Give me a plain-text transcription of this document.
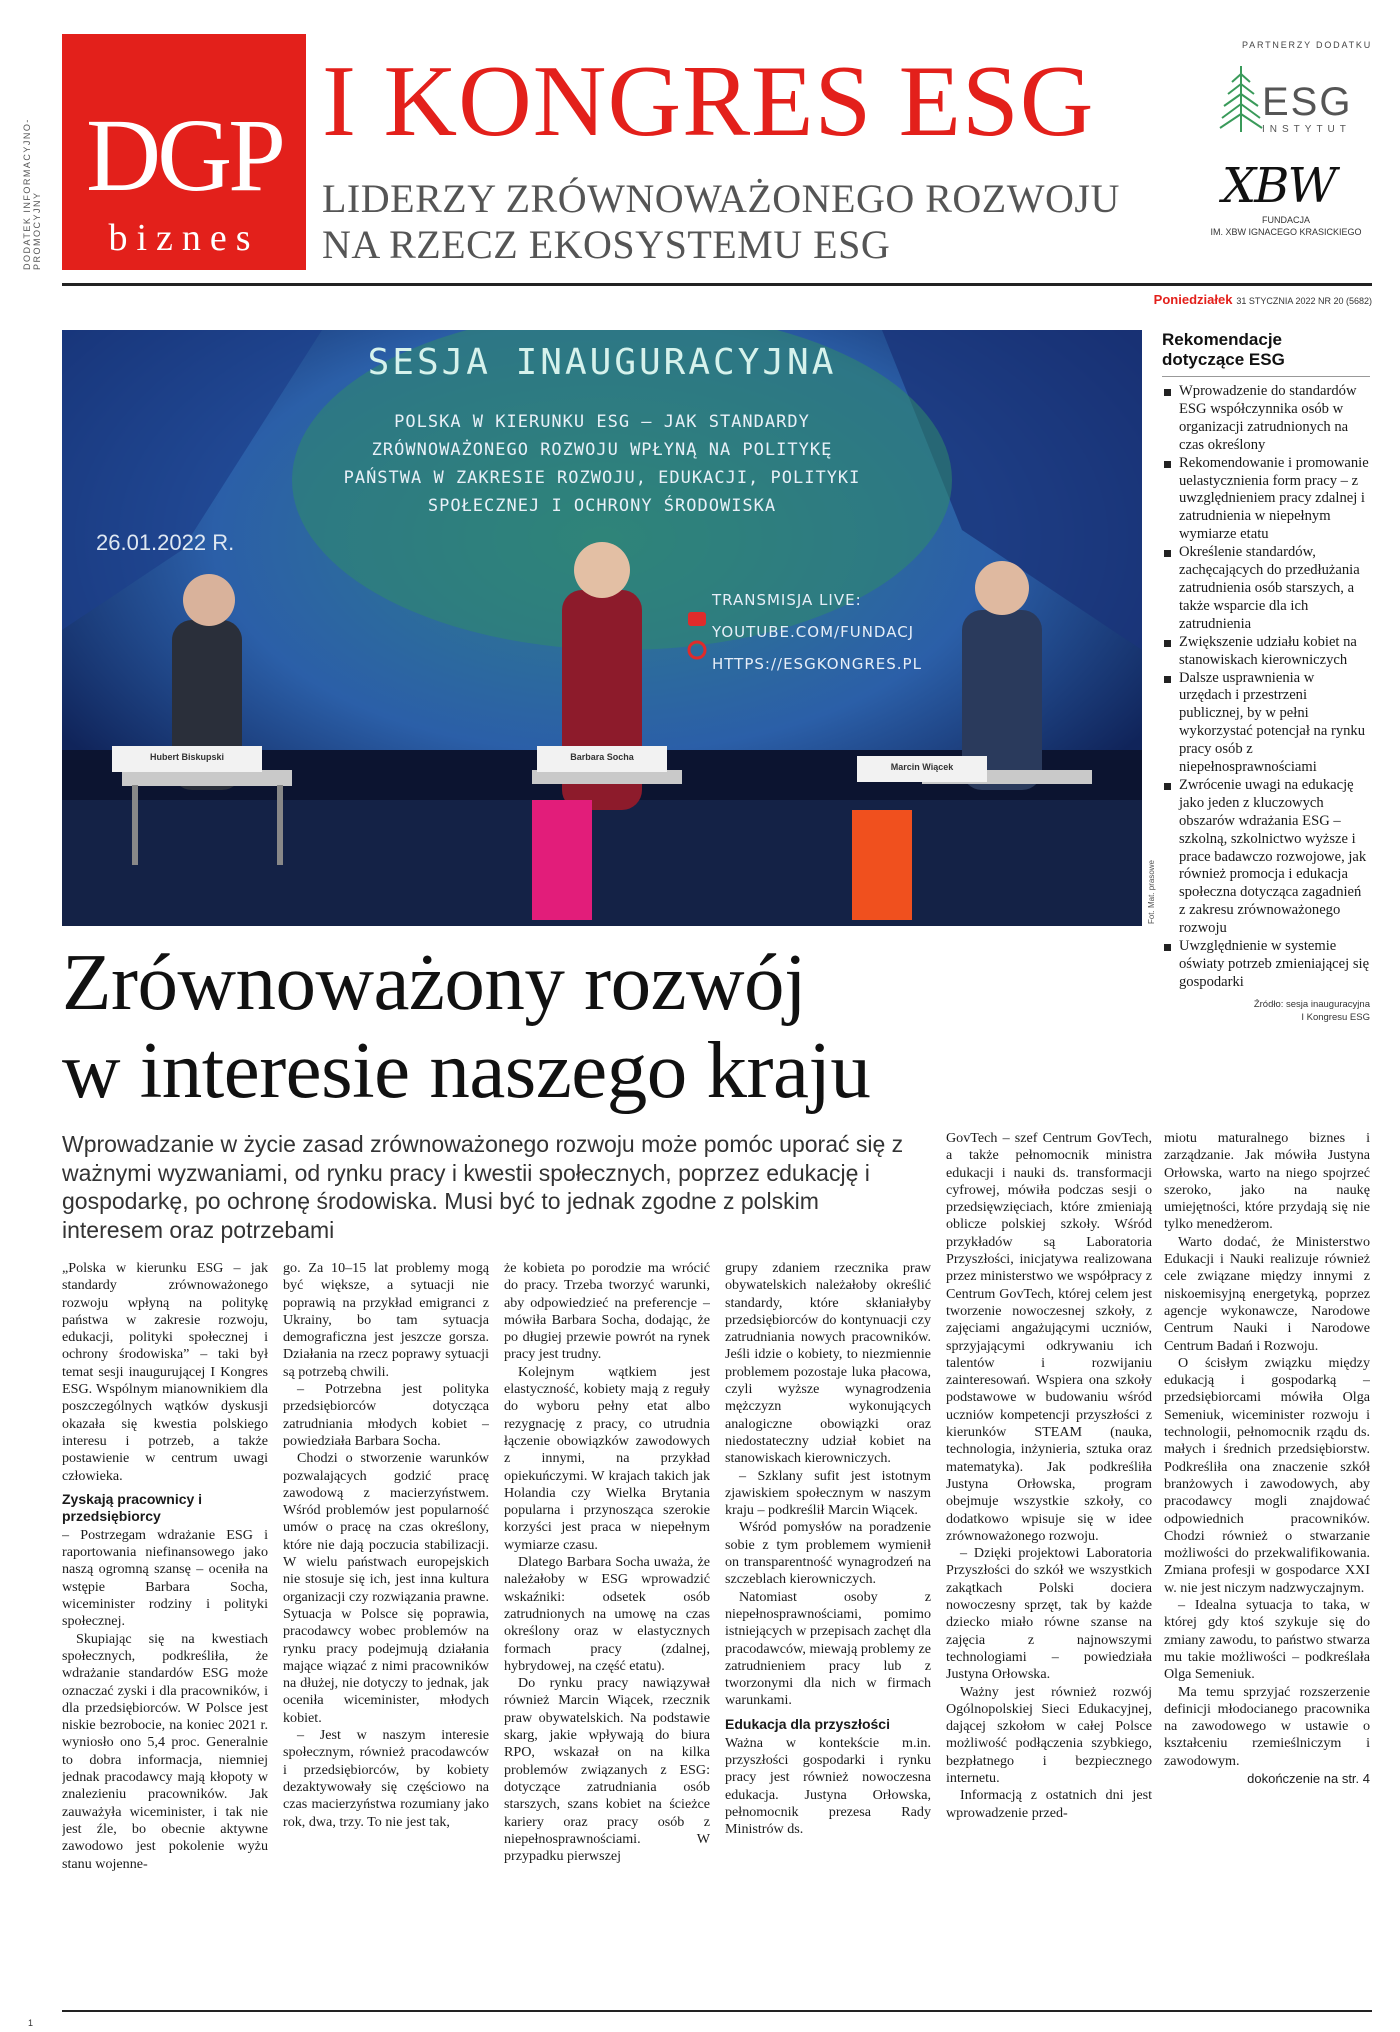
DODATEK INFORMACYJNO-PROMOCYJNY
DGP
biznes
I KONGRES ESG
LIDERZY ZRÓWNOWAŻONEGO ROZWOJU
NA RZECZ EKOSYSTEMU ESG
PARTNERZY DODATKU
ESG
INSTYTUT
XBW
FUNDACJA
IM. XBW IGNACEGO KRASICKIEGO
Poniedziałek 31 STYCZNIA 2022 NR 20 (5682)
SESJA INAUGURACYJNA
POLSKA W KIERUNKU ESG – JAK STANDARDY
ZRÓWNOWAŻONEGO ROZWOJU WPŁYNĄ NA POLITYKĘ
PAŃSTWA W ZAKRESIE ROZWOJU, EDUKACJI, POLITYKI
SPOŁECZNEJ I OCHRONY ŚRODOWISKA
26.01.2022 R.
TRANSMISJA LIVE:
YOUTUBE.COM/FUNDACJ
HTTPS://ESGKONGRES.PL
Hubert Biskupski	Barbara Socha
Marcin Wiącek
Fot. Mat. prasowe
Rekomendacje
dotyczące ESG
Wprowadzenie do standardów ESG współczynnika osób w organizacji zatrudnionych na czas określony
Rekomendowanie i promowanie uelastycznienia form pracy – z uwzględnieniem pracy zdalnej i zatrudnienia w niepełnym wymiarze etatu
Określenie standardów, zachęcających do przedłużania zatrudnienia osób starszych, a także wsparcie dla ich zatrudnienia
Zwiększenie udziału kobiet na stanowiskach kierowniczych
Dalsze usprawnienia w urzędach i przestrzeni publicznej, by w pełni wykorzystać potencjał na rynku pracy osób z niepełnosprawnościami
Zwrócenie uwagi na edukację jako jeden z kluczowych obszarów wdrażania ESG – szkolną, szkolnictwo wyższe i prace badawczo rozwojowe, jak również promocja i edukacja społeczna dotycząca zagadnień z zakresu zrównoważonego rozwoju
Uwzględnienie w systemie oświaty potrzeb zmieniającej się gospodarki
Źródło: sesja inauguracyjna
I Kongresu ESG
Zrównoważony rozwój
w interesie naszego kraju
Wprowadzanie w życie zasad zrównoważonego rozwoju może pomóc uporać się z ważnymi wyzwaniami, od rynku pracy i kwestii społecznych, poprzez edukację i gospodarkę, po ochronę środowiska. Musi być to jednak zgodne z polskim interesem oraz potrzebami

„Polska w kierunku ESG – jak standardy zrównoważonego rozwoju wpłyną na politykę państwa w zakresie rozwoju, edukacji, polityki społecznej i ochrony środowiska” – taki był temat sesji inaugurującej I Kongres ESG. Wspólnym mianownikiem dla poszczególnych wątków dyskusji okazała się kwestia polskiego interesu i potrzeb, a także postawienie w centrum uwagi człowieka.

Zyskają pracownicy i przedsiębiorcy

– Postrzegam wdrażanie ESG i raportowania niefinansowego jako naszą ogromną szansę – oceniła na wstępie Barbara Socha, wiceminister rodziny i polityki społecznej.

Skupiając się na kwestiach społecznych, podkreśliła, że wdrażanie standardów ESG może oznaczać zyski i dla pracowników, i dla przedsiębiorców. W Polsce jest niskie bezrobocie, na koniec 2021 r. wyniosło ono 5,4 proc. Generalnie to dobra informacja, niemniej jednak pracodawcy mają kłopoty w znalezieniu pracowników. Jak zauważyła wiceminister, i tak nie jest źle, bo obecnie aktywne zawodowo jest pokolenie wyżu stanu wojenne-

go. Za 10–15 lat problemy mogą być większe, a sytuacji nie poprawią na przykład emigranci z Ukrainy, bo tam sytuacja demograficzna jest jeszcze gorsza. Działania na rzecz poprawy sytuacji są potrzebą chwili.

– Potrzebna jest polityka przedsiębiorców dotycząca zatrudniania młodych kobiet – powiedziała Barbara Socha.

Chodzi o stworzenie warunków pozwalających godzić pracę zawodową z macierzyństwem. Wśród problemów jest popularność umów o pracę na czas określony, które nie dają poczucia stabilizacji. W wielu państwach europejskich nie stosuje się ich, jest inna kultura organizacji czy rozwiązania prawne. Sytuacja w Polsce się poprawia, pracodawcy wobec problemów na rynku pracy podejmują działania mające wiązać z nimi pracowników na dłużej, nie dotyczy to jednak, jak oceniła wiceminister, młodych kobiet.

– Jest w naszym interesie społecznym, również pracodawców i przedsiębiorców, by kobiety dezaktywowały się częściowo na czas macierzyństwa rozumiany jako rok, dwa, trzy. To nie jest tak,

że kobieta po porodzie ma wrócić do pracy. Trzeba tworzyć warunki, aby odpowiedzieć na preferencje – mówiła Barbara Socha, dodając, że po długiej przewie powrót na rynek pracy jest trudny.

Kolejnym wątkiem jest elastyczność, kobiety mają z reguły do wyboru pełny etat albo rezygnację z pracy, co utrudnia łączenie obowiązków zawodowych z innymi, na przykład opiekuńczymi. W krajach takich jak Holandia czy Wielka Brytania popularna i przynosząca szerokie korzyści jest praca w niepełnym wymiarze czasu.

Dlatego Barbara Socha uważa, że należałoby w ESG wprowadzić wskaźniki: odsetek osób zatrudnionych na umowę na czas określony oraz w elastycznych formach pracy (zdalnej, hybrydowej, na część etatu).

Do rynku pracy nawiązywał również Marcin Wiącek, rzecznik praw obywatelskich. Na podstawie skarg, jakie wpływają do biura RPO, wskazał on na kilka problemów związanych z ESG: dotyczące zatrudniania osób starszych, szans kobiet na ścieżce kariery oraz pracy osób z niepełnosprawnościami. W przypadku pierwszej

grupy zdaniem rzecznika praw obywatelskich należałoby określić standardy, które skłaniałyby przedsiębiorców do kontynuacji czy zatrudniania nowych pracowników. Jeśli idzie o kobiety, to niezmiennie problemem pozostaje luka płacowa, czyli wyższe wynagrodzenia mężczyzn wykonujących analogiczne obowiązki oraz niedostateczny udział kobiet na stanowiskach kierowniczych.

– Szklany sufit jest istotnym zjawiskiem społecznym w naszym kraju – podkreślił Marcin Wiącek.

Wśród pomysłów na poradzenie sobie z tym problemem wymienił on transparentność wynagrodzeń na szczeblach kierowniczych.

Natomiast osoby z niepełnosprawnościami, pomimo istniejących w przepisach zachęt dla pracodawców, miewają problemy ze zatrudnieniem pracy lub z tworzonymi dla nich w firmach warunkami.

Edukacja dla przyszłości

Ważna w kontekście m.in. przyszłości gospodarki i rynku pracy jest również nowoczesna edukacja. Justyna Orłowska, pełnomocnik prezesa Rady Ministrów ds.

GovTech – szef Centrum GovTech, a także pełnomocnik ministra edukacji i nauki ds. transformacji cyfrowej, mówiła podczas sesji o przedsięwzięciach, które zmieniają oblicze polskiej szkoły. Wśród przykładów są Laboratoria Przyszłości, inicjatywa realizowana przez ministerstwo we współpracy z Centrum GovTech, której celem jest tworzenie nowoczesnej szkoły, z zajęciami angażującymi uczniów, sprzyjającymi odkrywaniu ich talentów i rozwijaniu zainteresowań. Wspiera ona szkoły podstawowe w budowaniu wśród uczniów kompetencji przyszłości z kierunków STEAM (nauka, technologia, inżynieria, sztuka oraz matematyka). Jak podkreśliła Justyna Orłowska, program obejmuje wszystkie szkoły, co dodatkowo wpisuje się w idee zrównoważonego rozwoju.

– Dzięki projektowi Laboratoria Przyszłości do szkół we wszystkich zakątkach Polski dociera nowoczesny sprzęt, tak by każde dziecko miało równe szanse na zajęcia z najnowszymi technologiami – powiedziała Justyna Orłowska.

Ważny jest również rozwój Ogólnopolskiej Sieci Edukacyjnej, dającej szkołom w całej Polsce możliwość podłączenia szybkiego, bezpłatnego i bezpiecznego internetu.

Informacją z ostatnich dni jest wprowadzenie przed-

miotu maturalnego biznes i zarządzanie. Jak mówiła Justyna Orłowska, warto na niego spojrzeć szeroko, jako na naukę umiejętności, które przydają się nie tylko menedżerom.

Warto dodać, że Ministerstwo Edukacji i Nauki realizuje również cele związane między innymi z niskoemisyjną energetyką, poprzez agencje wykonawcze, Narodowe Centrum Nauki i Narodowe Centrum Badań i Rozwoju.

O ścisłym związku między edukacją i gospodarką – przedsiębiorcami mówiła Olga Semeniuk, wiceminister rozwoju i technologii, pełnomocnik rządu ds. małych i średnich przedsiębiorstw. Podkreśliła ona znaczenie szkół branżowych i zawodowych, aby pracodawcy mogli znajdować odpowiednich pracowników. Chodzi również o stwarzanie możliwości do przekwalifikowania. Zmiana profesji w gospodarce XXI w. nie jest niczym nadzwyczajnym.

– Idealna sytuacja to taka, w której gdy ktoś szykuje się do zmiany zawodu, to państwo stwarza mu takie możliwości – podkreślała Olga Semeniuk.

Ma temu sprzyjać rozszerzenie definicji młodocianego pracownika na zawodowego w ustawie o kształceniu rzemieślniczym i zawodowym.

dokończenie na str. 4
1
